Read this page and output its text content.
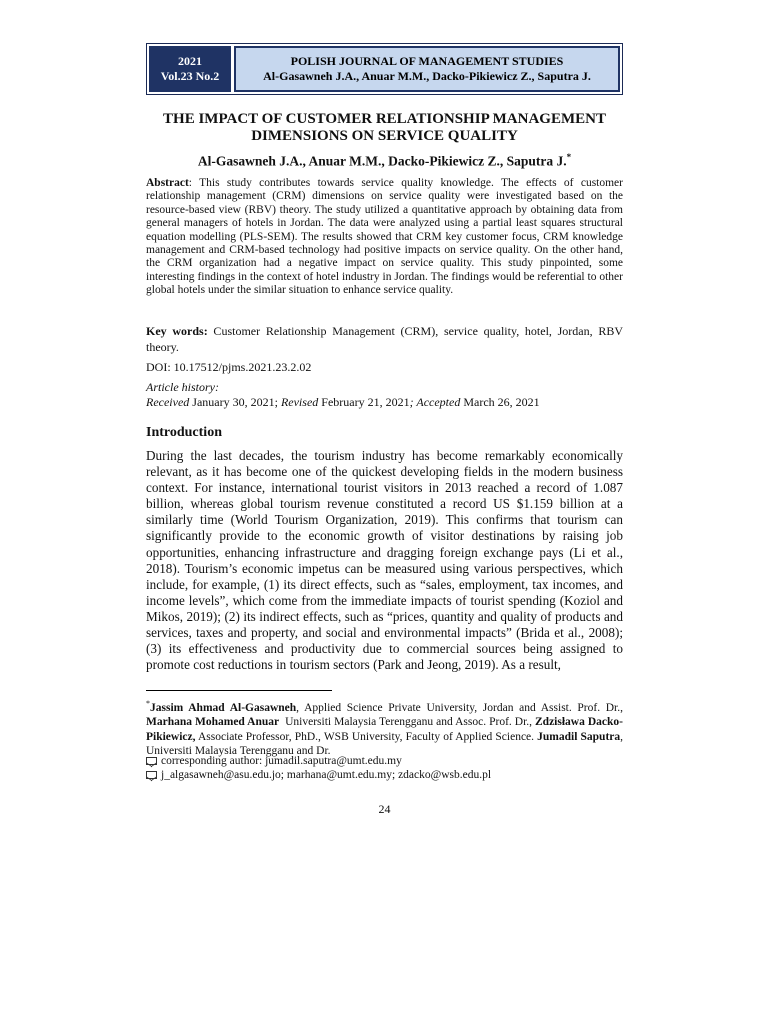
2021
Vol.23 No.2
POLISH JOURNAL OF MANAGEMENT STUDIES
Al-Gasawneh J.A., Anuar M.M., Dacko-Pikiewicz Z., Saputra J.
THE IMPACT OF CUSTOMER RELATIONSHIP MANAGEMENT
DIMENSIONS ON SERVICE QUALITY
Al-Gasawneh J.A., Anuar M.M., Dacko-Pikiewicz Z., Saputra J.*
Abstract: This study contributes towards service quality knowledge. The effects of customer relationship management (CRM) dimensions on service quality were investigated based on the resource-based view (RBV) theory. The study utilized a quantitative approach by obtaining data from general managers of hotels in Jordan. The data were analyzed using a partial least squares structural equation modelling (PLS-SEM). The results showed that CRM key customer focus, CRM knowledge management and CRM-based technology had positive impacts on service quality. On the other hand, the CRM organization had a negative impact on service quality. This study pinpointed, some interesting findings in the context of hotel industry in Jordan. The findings would be referential to other global hotels under the similar situation to enhance service quality.
Key words: Customer Relationship Management (CRM), service quality, hotel, Jordan, RBV theory.
DOI: 10.17512/pjms.2021.23.2.02
Article history:
Received January 30, 2021; Revised February 21, 2021; Accepted March 26, 2021
Introduction
During the last decades, the tourism industry has become remarkably economically relevant, as it has become one of the quickest developing fields in the modern business context. For instance, international tourist visitors in 2013 reached a record of 1.087 billion, whereas global tourism revenue constituted a record US $1.159 billion at a similarly time (World Tourism Organization, 2019). This confirms that tourism can significantly provide to the economic growth of visitor destinations by raising job opportunities, enhancing infrastructure and dragging foreign exchange pays (Li et al., 2018). Tourism’s economic impetus can be measured using various perspectives, which include, for example, (1) its direct effects, such as “sales, employment, tax incomes, and income levels”, which come from the immediate impacts of tourist spending (Koziol and Mikos, 2019); (2) its indirect effects, such as “prices, quantity and quality of products and services, taxes and property, and social and environmental impacts” (Brida et al., 2008); (3) its effectiveness and productivity due to commercial sources being assigned to promote cost reductions in tourism sectors (Park and Jeong, 2019). As a result,
*Jassim Ahmad Al-Gasawneh, Applied Science Private University, Jordan and Assist. Prof. Dr., Marhana Mohamed Anuar  Universiti Malaysia Terengganu and Assoc. Prof. Dr., Zdzisława Dacko-Pikiewicz, Associate Professor, PhD., WSB University, Faculty of Applied Science. Jumadil Saputra, Universiti Malaysia Terengganu and Dr.
corresponding author: jumadil.saputra@umt.edu.my
j_algasawneh@asu.edu.jo; marhana@umt.edu.my; zdacko@wsb.edu.pl
24
